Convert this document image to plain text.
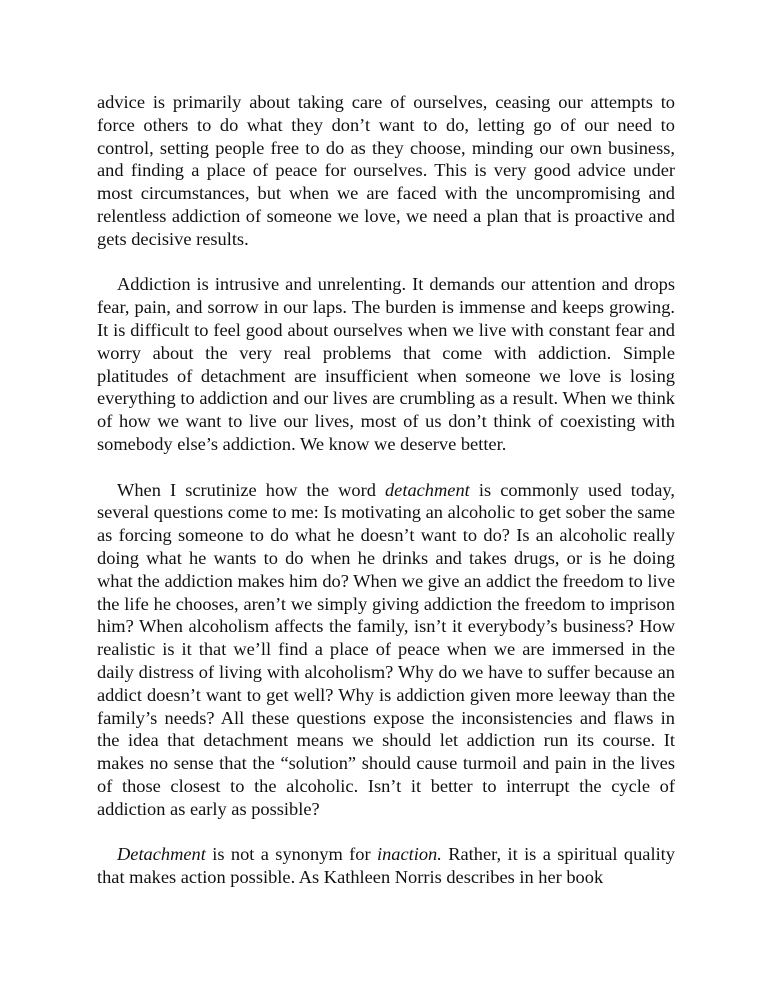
advice is primarily about taking care of ourselves, ceasing our attempts to force others to do what they don’t want to do, letting go of our need to control, setting people free to do as they choose, minding our own business, and finding a place of peace for ourselves. This is very good advice under most circumstances, but when we are faced with the uncompromising and relentless addiction of someone we love, we need a plan that is proactive and gets decisive results.

Addiction is intrusive and unrelenting. It demands our attention and drops fear, pain, and sorrow in our laps. The burden is immense and keeps growing. It is difficult to feel good about ourselves when we live with constant fear and worry about the very real problems that come with addiction. Simple platitudes of detachment are insufficient when someone we love is losing everything to addiction and our lives are crumbling as a result. When we think of how we want to live our lives, most of us don’t think of coexisting with somebody else’s addiction. We know we deserve better.

When I scrutinize how the word detachment is commonly used today, several questions come to me: Is motivating an alcoholic to get sober the same as forcing someone to do what he doesn’t want to do? Is an alcoholic really doing what he wants to do when he drinks and takes drugs, or is he doing what the addiction makes him do? When we give an addict the freedom to live the life he chooses, aren’t we simply giving addiction the freedom to imprison him? When alcoholism affects the family, isn’t it everybody’s business? How realistic is it that we’ll find a place of peace when we are immersed in the daily distress of living with alcoholism? Why do we have to suffer because an addict doesn’t want to get well? Why is addiction given more leeway than the family’s needs? All these questions expose the inconsistencies and flaws in the idea that detachment means we should let addiction run its course. It makes no sense that the “solution” should cause turmoil and pain in the lives of those closest to the alcoholic. Isn’t it better to interrupt the cycle of addiction as early as possible?

Detachment is not a synonym for inaction. Rather, it is a spiritual quality that makes action possible. As Kathleen Norris describes in her book
